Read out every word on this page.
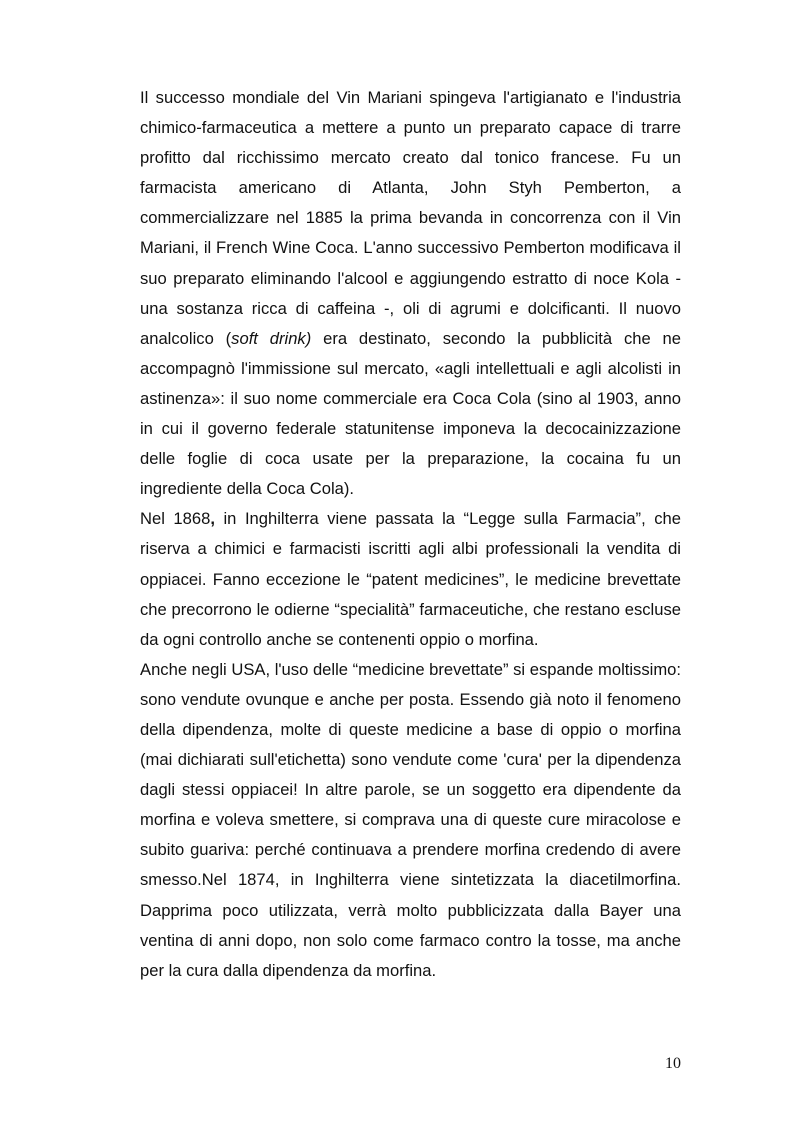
Il successo mondiale del Vin Mariani spingeva l'artigianato e l'industria chimico-farmaceutica a mettere a punto un preparato capace di trarre profitto dal ricchissimo mercato creato dal tonico francese. Fu un farmacista americano di Atlanta, John Styh Pemberton, a commercializzare nel 1885 la prima bevanda in concorrenza con il Vin Mariani, il French Wine Coca. L'anno successivo Pemberton modificava il suo preparato eliminando l'alcool e aggiungendo estratto di noce Kola - una sostanza ricca di caffeina -, oli di agrumi e dolcificanti. Il nuovo analcolico (soft drink) era destinato, secondo la pubblicità che ne accompagnò l'immissione sul mercato, «agli intellettuali e agli alcolisti in astinenza»: il suo nome commerciale era Coca Cola (sino al 1903, anno in cui il governo federale statunitense imponeva la decocainizzazione delle foglie di coca usate per la preparazione, la cocaina fu un ingrediente della Coca Cola).

Nel 1868, in Inghilterra viene passata la “Legge sulla Farmacia”, che riserva a chimici e farmacisti iscritti agli albi professionali la vendita di oppiacei. Fanno eccezione le “patent medicines”, le medicine brevettate che precorrono le odierne “specialità” farmaceutiche, che restano escluse da ogni controllo anche se contenenti oppio o morfina.

Anche negli USA, l'uso delle “medicine brevettate” si espande moltissimo: sono vendute ovunque e anche per posta. Essendo già noto il fenomeno della dipendenza, molte di queste medicine a base di oppio o morfina (mai dichiarati sull'etichetta) sono vendute come 'cura' per la dipendenza dagli stessi oppiacei! In altre parole, se un soggetto era dipendente da morfina e voleva smettere, si comprava una di queste cure miracolose e subito guariva: perché continuava a prendere morfina credendo di avere smesso.Nel 1874, in Inghilterra viene sintetizzata la diacetilmorfina. Dapprima poco utilizzata, verrà molto pubblicizzata dalla Bayer una ventina di anni dopo, non solo come farmaco contro la tosse, ma anche per la cura dalla dipendenza da morfina.

10
